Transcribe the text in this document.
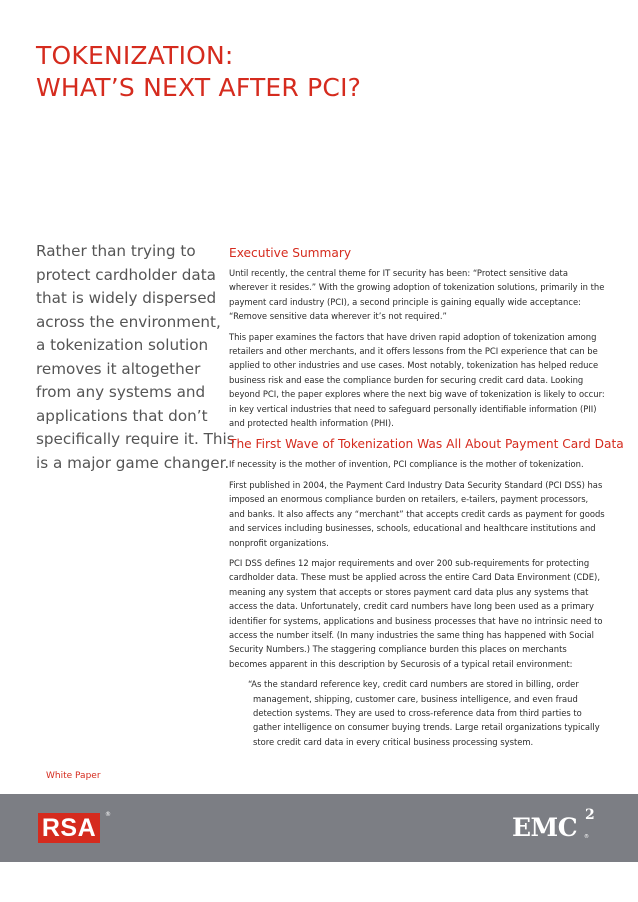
TOKENIZATION:
WHAT’S NEXT AFTER PCI?
Rather than trying to
protect cardholder data
that is widely dispersed
across the environment,
a tokenization solution
removes it altogether
from any systems and
applications that don’t
specifically require it. This
is a major game changer.
Executive Summary

Until recently, the central theme for IT security has been: “Protect sensitive data wherever it resides.” With the growing adoption of tokenization solutions, primarily in the payment card industry (PCI), a second principle is gaining equally wide acceptance: “Remove sensitive data wherever it’s not required.”

This paper examines the factors that have driven rapid adoption of tokenization among retailers and other merchants, and it offers lessons from the PCI experience that can be applied to other industries and use cases. Most notably, tokenization has helped reduce business risk and ease the compliance burden for securing credit card data. Looking beyond PCI, the paper explores where the next big wave of tokenization is likely to occur: in key vertical industries that need to safeguard personally identifiable information (PII) and protected health information (PHI).

The First Wave of Tokenization Was All About Payment Card Data

If necessity is the mother of invention, PCI compliance is the mother of tokenization.

First published in 2004, the Payment Card Industry Data Security Standard (PCI DSS) has imposed an enormous compliance burden on retailers, e-tailers, payment processors, and banks. It also affects any “merchant” that accepts credit cards as payment for goods and services including businesses, schools, educational and healthcare institutions and nonprofit organizations.

PCI DSS defines 12 major requirements and over 200 sub-requirements for protecting cardholder data. These must be applied across the entire Card Data Environment (CDE), meaning any system that accepts or stores payment card data plus any systems that access the data. Unfortunately, credit card numbers have long been used as a primary identifier for systems, applications and business processes that have no intrinsic need to access the number itself. (In many industries the same thing has happened with Social Security Numbers.) The staggering compliance burden this places on merchants becomes apparent in this description by Securosis of a typical retail environment:

“As the standard reference key, credit card numbers are stored in billing, order management, shipping, customer care, business intelligence, and even fraud detection systems. They are used to cross-reference data from third parties to gather intelligence on consumer buying trends. Large retail organizations typically store credit card data in every critical business processing system.

White Paper
RSA	®	EMC 2
®
